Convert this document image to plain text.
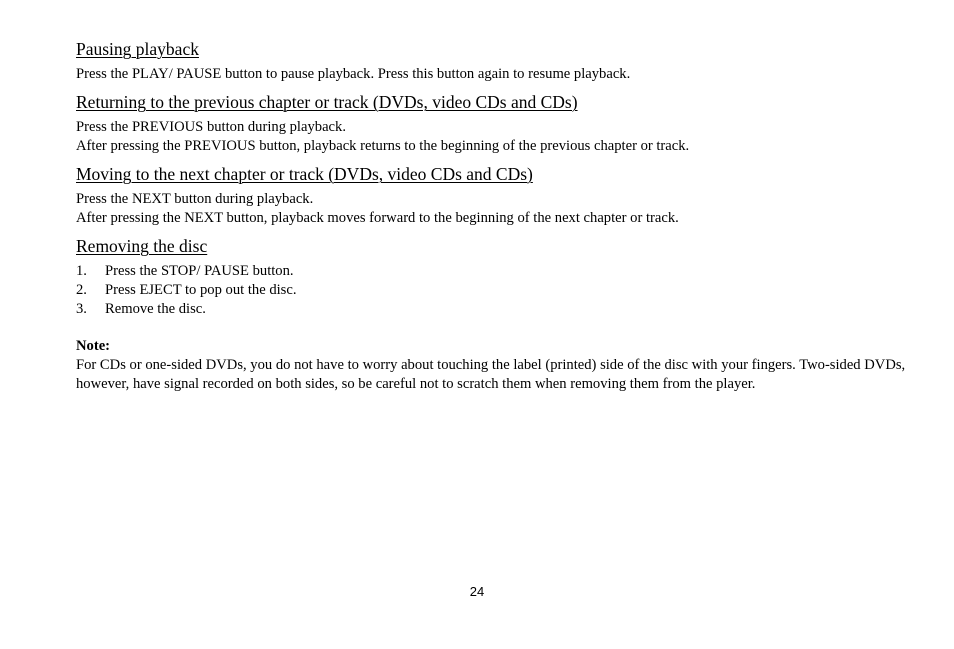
Pausing playback

Press the PLAY/ PAUSE button to pause playback. Press this button again to resume playback.

Returning to the previous chapter or track (DVDs, video CDs and CDs)

Press the PREVIOUS button during playback.

After pressing the PREVIOUS button, playback returns to the beginning of the previous chapter or track.

Moving to the next chapter or track (DVDs, video CDs and CDs)

Press the NEXT button during playback.

After pressing the NEXT button, playback moves forward to the beginning of the next chapter or track.

Removing the disc
1.	Press the STOP/ PAUSE button.
2.	Press EJECT to pop out the disc.
3.	Remove the disc.

Note:

For CDs or one-sided DVDs, you do not have to worry about touching the label (printed) side of the disc with your fingers. Two-sided DVDs, however, have signal recorded on both sides, so be careful not to scratch them when removing them from the player.

24
